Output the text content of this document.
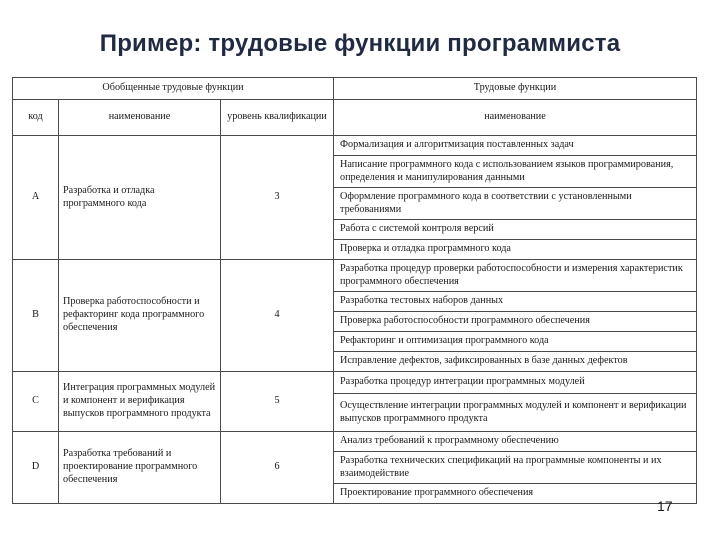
Пример: трудовые функции программиста
Обобщенные трудовые функции			Трудовые функции
код	наименование	уровень квалификации	наименование
A	Разработка и отладка программного кода	3	Формализация и алгоритмизация поставленных задач
			Написание программного кода с использованием языков программирования, определения и манипулирования данными
			Оформление программного кода в соответствии с установленными требованиями
			Работа с системой контроля версий
			Проверка и отладка программного кода
B	Проверка работоспособности и рефакторинг кода программного обеспечения	4	Разработка процедур проверки работоспособности и измерения характеристик программного обеспечения
			Разработка тестовых наборов данных
			Проверка работоспособности программного обеспечения
			Рефакторинг и оптимизация программного кода
			Исправление дефектов, зафиксированных в базе данных дефектов
C	Интеграция программных модулей и компонент и верификация выпусков программного продукта	5	Разработка процедур интеграции программных модулей
			Осуществление интеграции программных модулей и компонент и верификации выпусков программного продукта
D	Разработка требований и проектирование программного обеспечения	6	Анализ требований к программному обеспечению
			Разработка технических спецификаций на программные компоненты и их взаимодействие
			Проектирование программного обеспечения
17
